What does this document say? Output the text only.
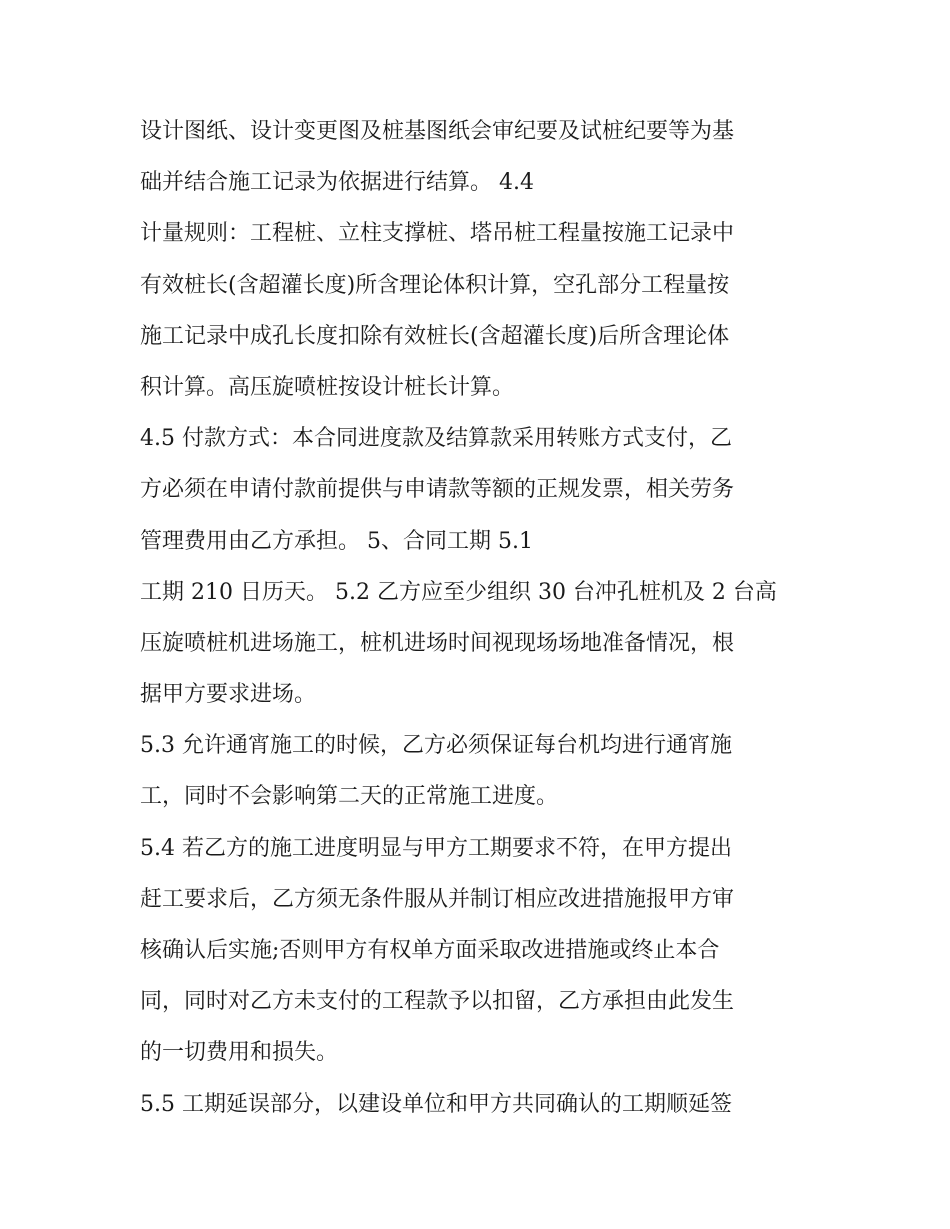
设计图纸、设计变更图及桩基图纸会审纪要及试桩纪要等为基
础并结合施工记录为依据进行结算。 4.4
计量规则：工程桩、立柱支撑桩、塔吊桩工程量按施工记录中
有效桩长(含超灌长度)所含理论体积计算，空孔部分工程量按
施工记录中成孔长度扣除有效桩长(含超灌长度)后所含理论体
积计算。高压旋喷桩按设计桩长计算。
4.5 付款方式：本合同进度款及结算款采用转账方式支付，乙
方必须在申请付款前提供与申请款等额的正规发票，相关劳务
管理费用由乙方承担。 5、合同工期 5.1
工期 210 日历天。 5.2 乙方应至少组织 30 台冲孔桩机及 2 台高
压旋喷桩机进场施工，桩机进场时间视现场场地准备情况，根
据甲方要求进场。
5.3 允许通宵施工的时候，乙方必须保证每台机均进行通宵施
工，同时不会影响第二天的正常施工进度。
5.4 若乙方的施工进度明显与甲方工期要求不符，在甲方提出
赶工要求后，乙方须无条件服从并制订相应改进措施报甲方审
核确认后实施;否则甲方有权单方面采取改进措施或终止本合
同，同时对乙方未支付的工程款予以扣留，乙方承担由此发生
的一切费用和损失。
5.5 工期延误部分，以建设单位和甲方共同确认的工期顺延签
